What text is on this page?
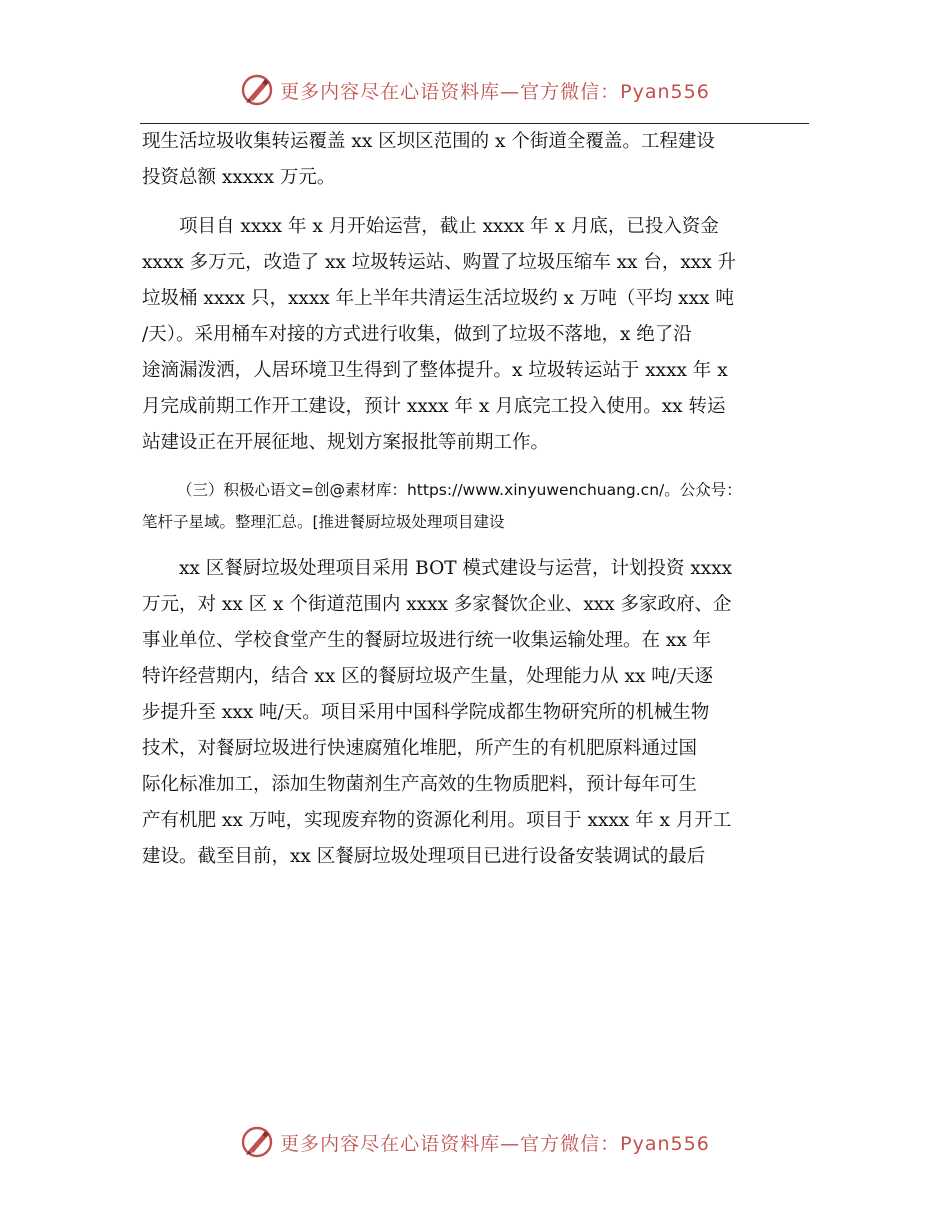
更多内容尽在心语资料库—官方微信：Pyan556
现生活垃圾收集转运覆盖 xx 区坝区范围的 x 个街道全覆盖。工程建设
投资总额 xxxxx 万元。
项目自 xxxx 年 x 月开始运营，截止 xxxx 年 x 月底，已投入资金
xxxx 多万元，改造了 xx 垃圾转运站、购置了垃圾压缩车 xx 台，xxx 升
垃圾桶 xxxx 只，xxxx 年上半年共清运生活垃圾约 x 万吨（平均 xxx 吨
/天）。采用桶车对接的方式进行收集，做到了垃圾不落地，x 绝了沿
途滴漏泼洒，人居环境卫生得到了整体提升。x 垃圾转运站于 xxxx 年 x
月完成前期工作开工建设，预计 xxxx 年 x 月底完工投入使用。xx 转运
站建设正在开展征地、规划方案报批等前期工作。
（三）积极心语文=创@素材库：https://www.xinyuwenchuang.cn/。公众号：
笔杆子星域。整理汇总。[推进餐厨垃圾处理项目建设
xx 区餐厨垃圾处理项目采用 BOT 模式建设与运营，计划投资 xxxx
万元，对 xx 区 x 个街道范围内 xxxx 多家餐饮企业、xxx 多家政府、企
事业单位、学校食堂产生的餐厨垃圾进行统一收集运输处理。在 xx 年
特许经营期内，结合 xx 区的餐厨垃圾产生量，处理能力从 xx 吨/天逐
步提升至 xxx 吨/天。项目采用中国科学院成都生物研究所的机械生物
技术，对餐厨垃圾进行快速腐殖化堆肥，所产生的有机肥原料通过国
际化标准加工，添加生物菌剂生产高效的生物质肥料，预计每年可生
产有机肥 xx 万吨，实现废弃物的资源化利用。项目于 xxxx 年 x 月开工
建设。截至目前，xx 区餐厨垃圾处理项目已进行设备安装调试的最后
更多内容尽在心语资料库—官方微信：Pyan556
